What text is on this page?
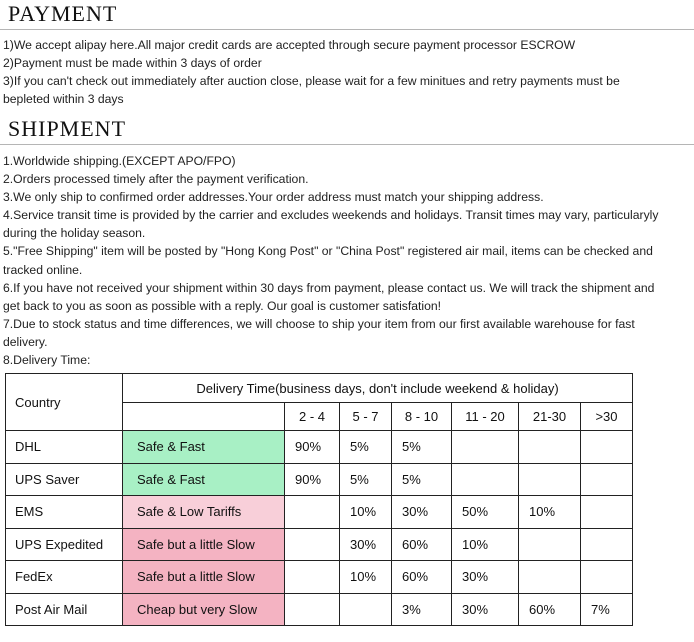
PAYMENT
1)We accept alipay here.All major credit cards are accepted through secure payment processor ESCROW
2)Payment must be made within 3 days of order
3)If you can't check out immediately after auction close, please wait for a few minitues and retry payments must be
bepleted within 3 days
SHIPMENT
1.Worldwide shipping.(EXCEPT APO/FPO)
2.Orders processed timely after the payment verification.
3.We only ship to confirmed order addresses.Your order address must match your shipping address.
4.Service transit time is provided by the carrier and excludes weekends and holidays. Transit times may vary, particularyly
during the holiday season.
5."Free Shipping" item will be posted by "Hong Kong Post" or "China Post" registered air mail, items can be checked and
tracked online.
6.If you have not received your shipment within 30 days from payment, please contact us. We will track the shipment and
get back to you as soon as possible with a reply. Our goal is customer satisfation!
7.Due to stock status and time differences, we will choose to ship your item from our first available warehouse for fast
delivery.
8.Delivery Time:
Country	Delivery Time(business days, don't include weekend & holiday)						
		2 - 4	5 - 7	8 - 10	11 - 20	21-30	>30
DHL	Safe & Fast	90%	5%	5%			
UPS Saver	Safe & Fast	90%	5%	5%			
EMS	Safe & Low Tariffs		10%	30%	50%	10%	
UPS Expedited	Safe but a little Slow		30%	60%	10%		
FedEx	Safe but a little Slow		10%	60%	30%		
Post Air Mail	Cheap but very Slow			3%	30%	60%	7%
